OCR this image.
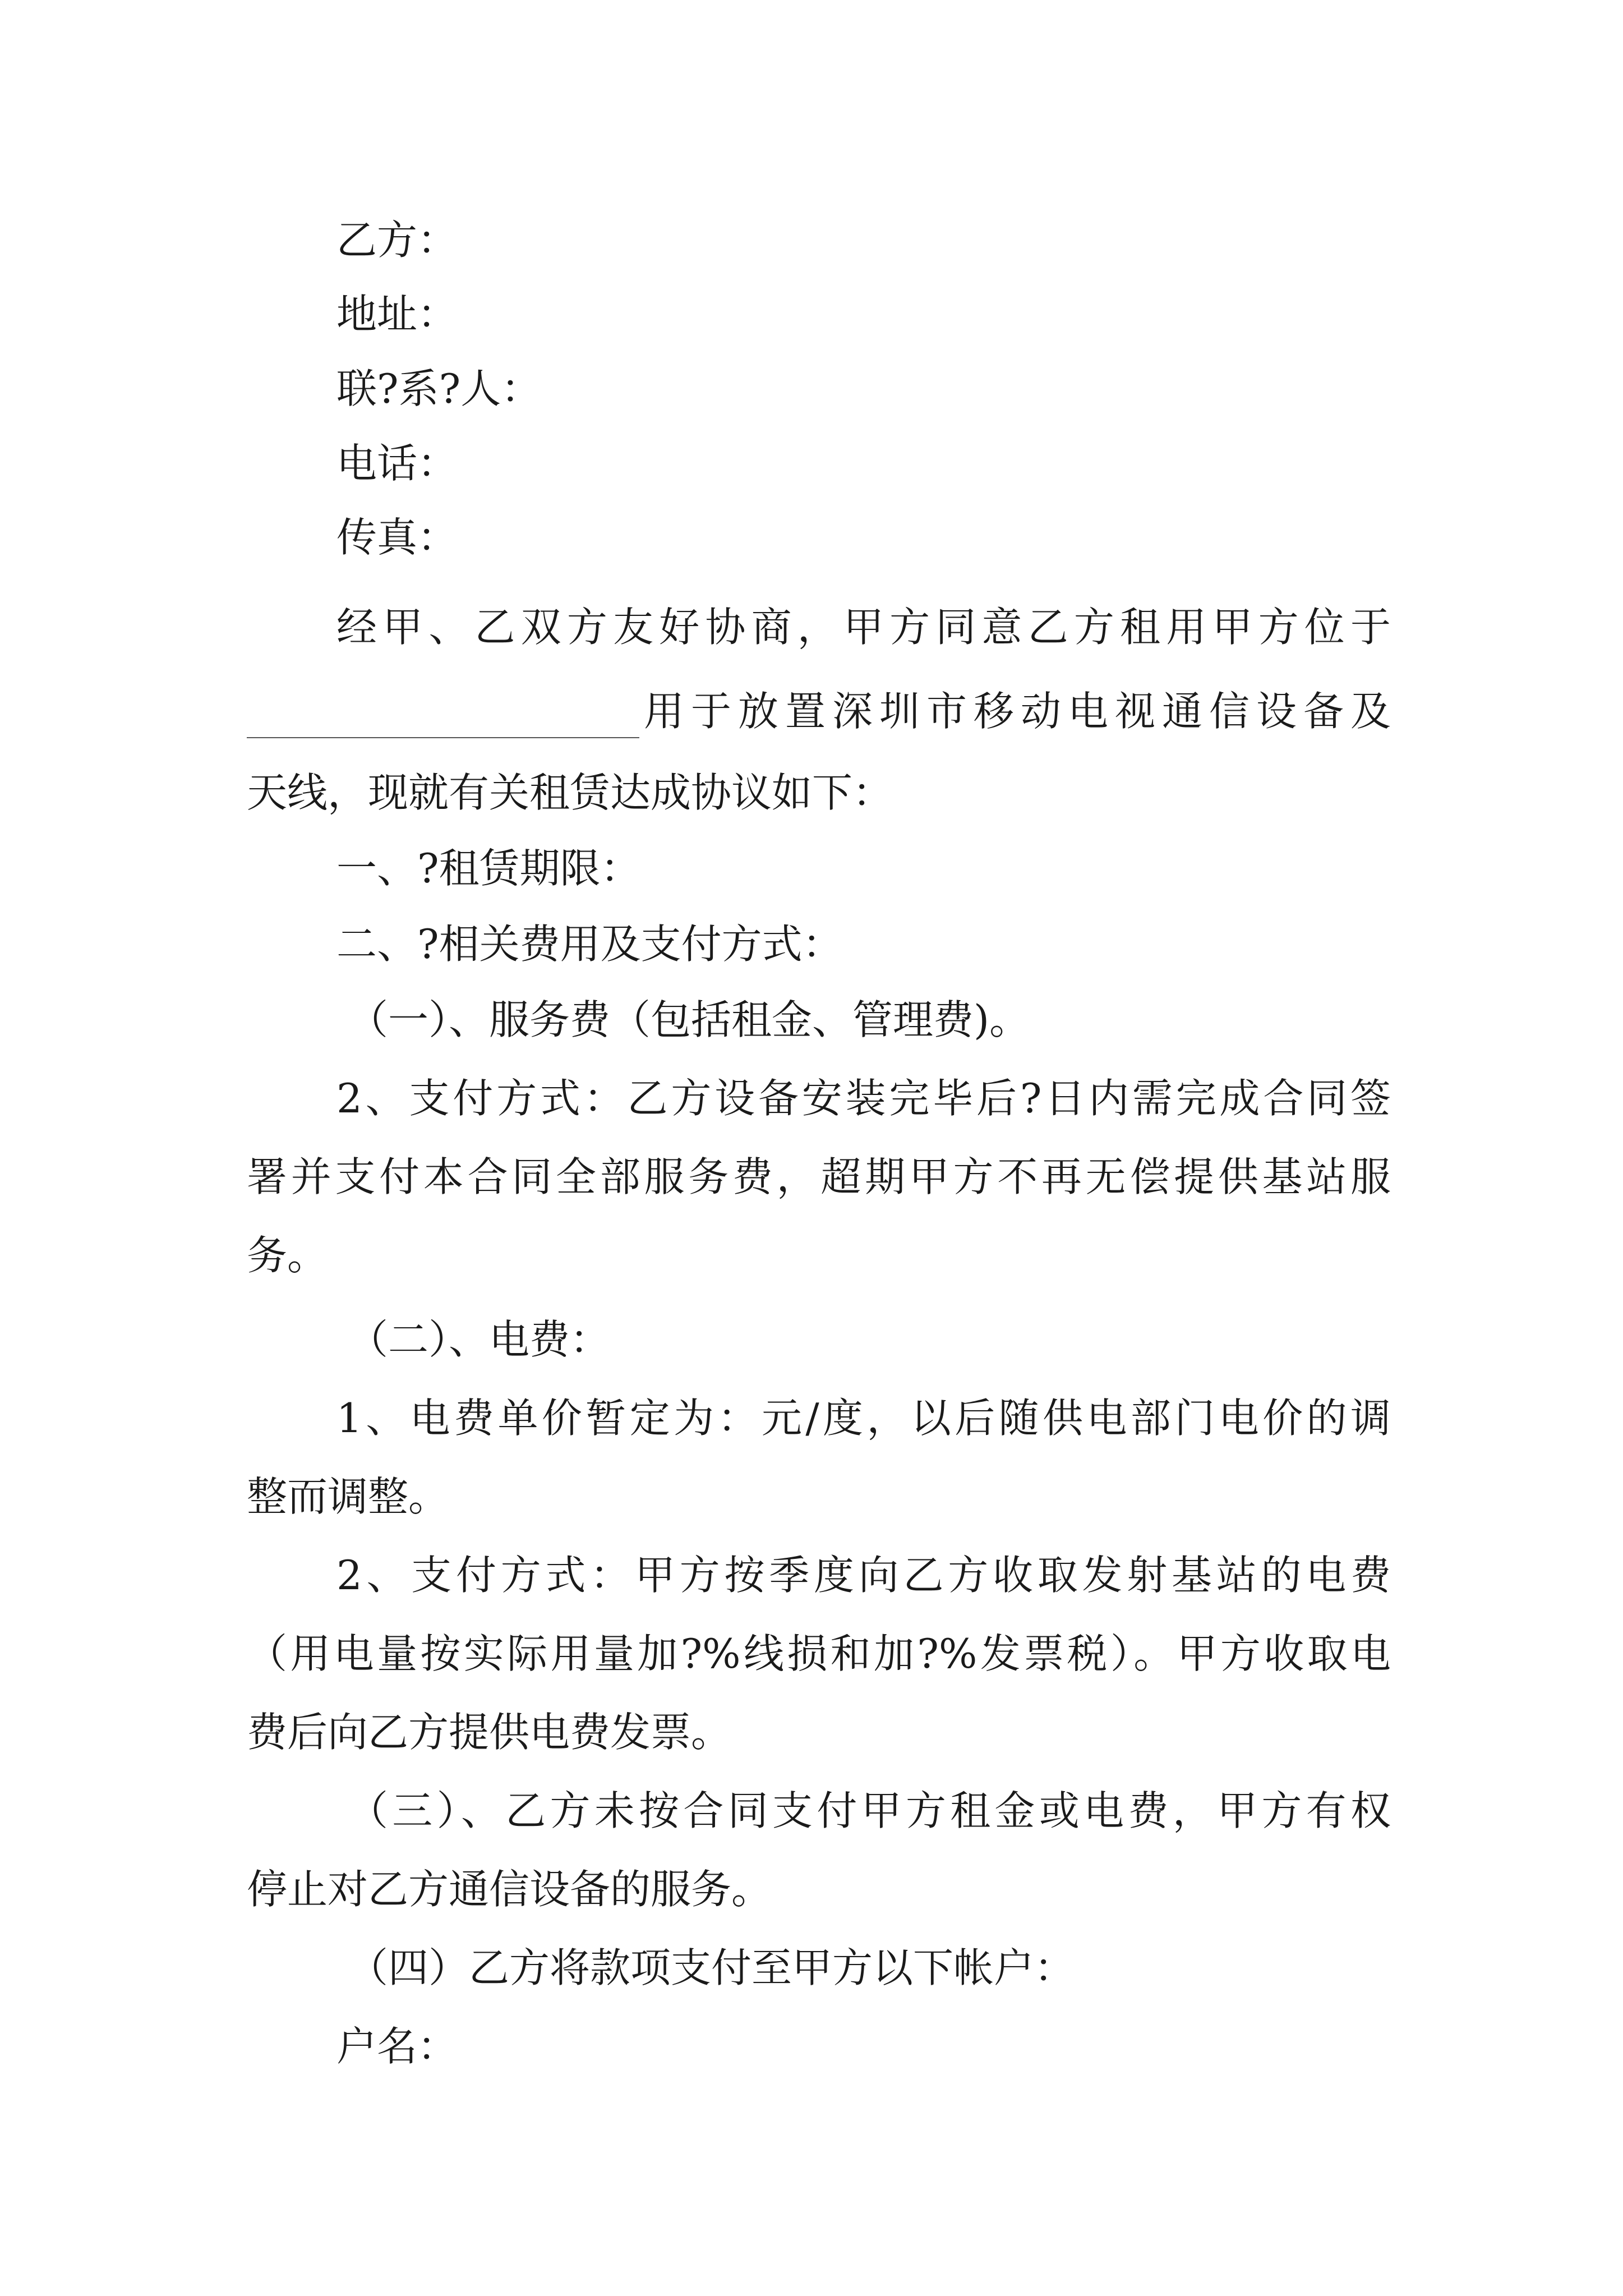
乙方：
地址：
联?系?人：
电话：
传真：
经甲、乙双方友好协商，甲方同意乙方租用甲方位于
用于放置深圳市移动电视通信设备及
天线，现就有关租赁达成协议如下：
一、?租赁期限：
二、?相关费用及支付方式：
（一）、服务费（包括租金、管理费)。
2、支付方式：乙方设备安装完毕后?日内需完成合同签
署并支付本合同全部服务费，超期甲方不再无偿提供基站服
务。
（二）、电费：
1、电费单价暂定为：元/度，以后随供电部门电价的调
整而调整。
2、支付方式：甲方按季度向乙方收取发射基站的电费
（用电量按实际用量加?%线损和加?%发票税）。甲方收取电
费后向乙方提供电费发票。
（三）、乙方未按合同支付甲方租金或电费，甲方有权
停止对乙方通信设备的服务。
（四）乙方将款项支付至甲方以下帐户：
户名：
